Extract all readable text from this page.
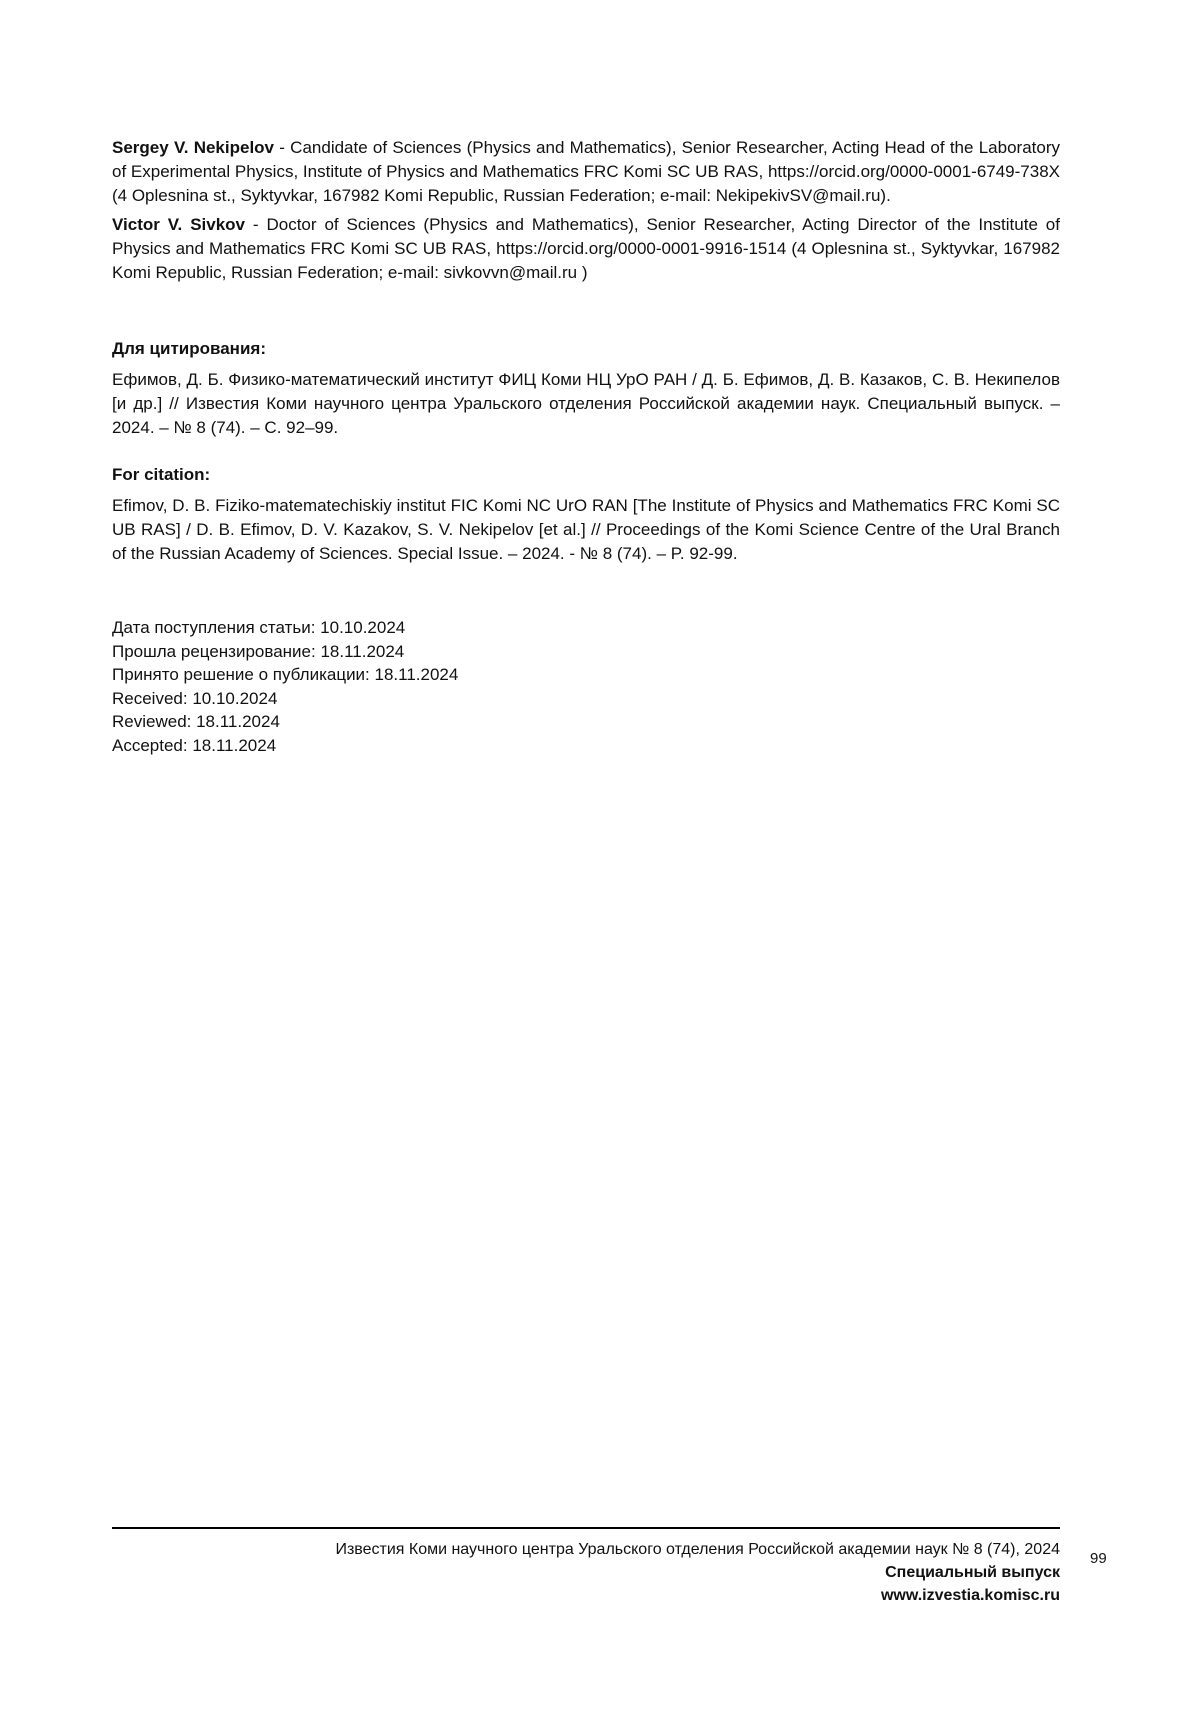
Sergey V. Nekipelov - Candidate of Sciences (Physics and Mathematics), Senior Researcher, Acting Head of the Laboratory of Experimental Physics, Institute of Physics and Mathematics FRC Komi SC UB RAS, https://orcid.org/0000-0001-6749-738X (4 Oplesnina st., Syktyvkar, 167982 Komi Republic, Russian Federation; e-mail: NekipekivSV@mail.ru).

Victor V. Sivkov - Doctor of Sciences (Physics and Mathematics), Senior Researcher, Acting Director of the Institute of Physics and Mathematics FRC Komi SC UB RAS, https://orcid.org/0000-0001-9916-1514 (4 Oplesnina st., Syktyvkar, 167982 Komi Republic, Russian Federation; e-mail: sivkovvn@mail.ru )

Для цитирования:

Ефимов, Д. Б. Физико-математический институт ФИЦ Коми НЦ УрО РАН / Д. Б. Ефимов, Д. В. Казаков, С. В. Некипелов [и др.] // Известия Коми научного центра Уральского отделения Российской академии наук. Специальный выпуск. – 2024. – № 8 (74). – С. 92–99.

For citation:

Efimov, D. B. Fiziko-matematechiskiy institut FIC Komi NC UrO RAN [The Institute of Physics and Mathematics FRC Komi SC UB RAS] / D. B. Efimov, D. V. Kazakov, S. V. Nekipelov [et al.] // Proceedings of the Komi Science Centre of the Ural Branch of the Russian Academy of Sciences. Special Issue. – 2024. - № 8 (74). – P. 92-99.

Дата поступления статьи: 10.10.2024
Прошла рецензирование: 18.11.2024
Принято решение о публикации: 18.11.2024
Received: 10.10.2024
Reviewed: 18.11.2024
Accepted: 18.11.2024
Известия Коми научного центра Уральского отделения Российской академии наук № 8 (74), 2024
Специальный выпуск
www.izvestia.komisc.ru
99
